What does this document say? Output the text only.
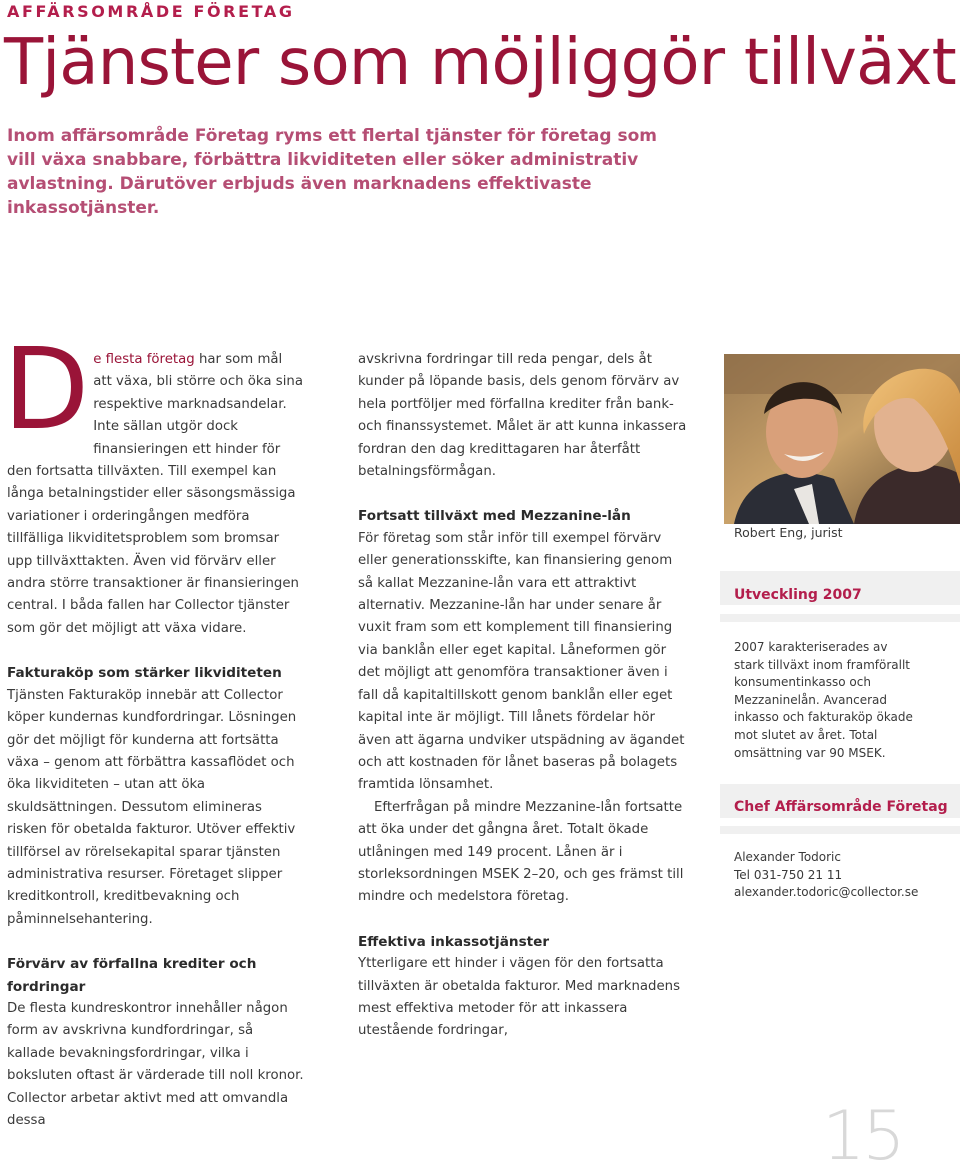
AFFÄRSOMRÅDE FÖRETAG
Tjänster som möjliggör tillväxt
Inom affärsområde Företag ryms ett flertal tjänster för företag som vill växa snabbare, förbättra likviditeten eller söker administrativ avlastning. Därutöver erbjuds även marknadens effektivaste inkassotjänster.

De flesta företag har som mål att växa, bli större och öka sina respektive marknadsandelar. Inte sällan utgör dock finansieringen ett hinder för den fortsatta tillväxten. Till exempel kan långa betalningstider eller säsongsmässiga variationer i orderingången medföra tillfälliga likviditetsproblem som bromsar upp tillväxttakten. Även vid förvärv eller andra större transaktioner är finansieringen central. I båda fallen har Collector tjänster som gör det möjligt att växa vidare.

Fakturaköp som stärker likviditeten

Tjänsten Fakturaköp innebär att Collector köper kundernas kundfordringar. Lösningen gör det möjligt för kunderna att fortsätta växa – genom att förbättra kassaflödet och öka likviditeten – utan att öka skuldsättningen. Dessutom elimineras risken för obetalda fakturor. Utöver effektiv tillförsel av rörelsekapital sparar tjänsten administrativa resurser. Företaget slipper kreditkontroll, kreditbevakning och påminnelsehantering.

Förvärv av förfallna krediter och fordringar

De flesta kundreskontror innehåller någon form av avskrivna kundfordringar, så kallade bevakningsfordringar, vilka i boksluten oftast är värderade till noll kronor. Collector arbetar aktivt med att omvandla dessa

avskrivna fordringar till reda pengar, dels åt kunder på löpande basis, dels genom förvärv av hela portföljer med förfallna krediter från bank- och finanssystemet. Målet är att kunna inkassera fordran den dag kredittagaren har återfått betalningsförmågan.

Fortsatt tillväxt med Mezzanine-lån

För företag som står inför till exempel förvärv eller generationsskifte, kan finansiering genom så kallat Mezzanine-lån vara ett attraktivt alternativ. Mezzanine-lån har under senare år vuxit fram som ett komplement till finansiering via banklån eller eget kapital. Låneformen gör det möjligt att genomföra transaktioner även i fall då kapitaltillskott genom banklån eller eget kapital inte är möjligt. Till lånets fördelar hör även att ägarna undviker utspädning av ägandet och att kostnaden för lånet baseras på bolagets framtida lönsamhet.

Efterfrågan på mindre Mezzanine-lån fortsatte att öka under det gångna året. Totalt ökade utlåningen med 149 procent. Lånen är i storleksordningen MSEK 2–20, och ges främst till mindre och medelstora företag.

Effektiva inkassotjänster

Ytterligare ett hinder i vägen för den fortsatta tillväxten är obetalda fakturor. Med marknadens mest effektiva metoder för att inkassera utestående fordringar,

Robert Eng, jurist
Utveckling 2007
2007 karakteriserades av stark tillväxt inom framförallt konsumentinkasso och Mezzaninelån. Avancerad inkasso och fakturaköp ökade mot slutet av året. Total omsättning var 90 MSEK.
Chef Affärsområde Företag
Alexander Todoric
Tel 031-750 21 11
alexander.todoric@collector.se
15
